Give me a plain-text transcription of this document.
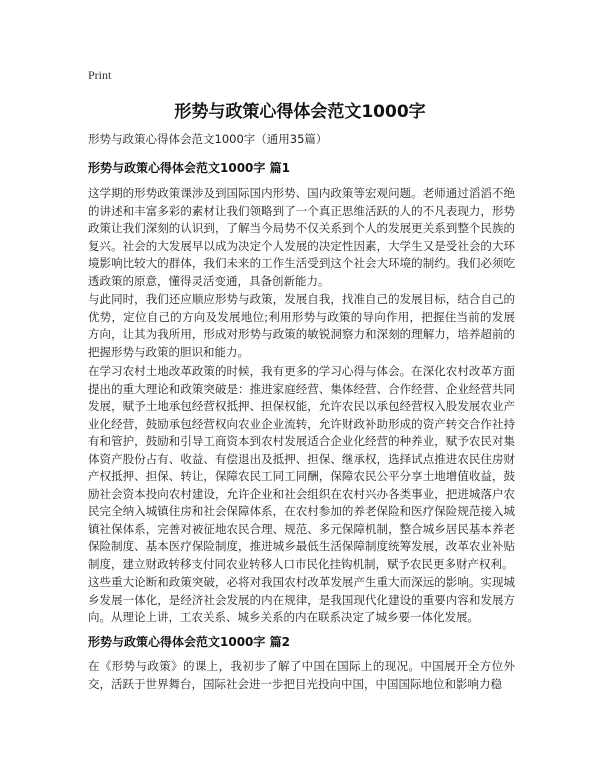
Print
形势与政策心得体会范文1000字
形势与政策心得体会范文1000字（通用35篇）
形势与政策心得体会范文1000字 篇1
这学期的形势政策课涉及到国际国内形势、国内政策等宏观问题。老师通过滔滔不绝的讲述和丰富多彩的素材让我们领略到了一个真正思维活跃的人的不凡表现力，形势政策让我们深刻的认识到，了解当今局势不仅关系到个人的发展更关系到整个民族的复兴。社会的大发展早以成为决定个人发展的决定性因素，大学生又是受社会的大环境影响比较大的群体，我们未来的工作生活受到这个社会大环境的制约。我们必须吃透政策的原意，懂得灵活变通，具备创新能力。
与此同时，我们还应顺应形势与政策，发展自我，找准自己的发展目标，结合自己的优势，定位自己的方向及发展地位;利用形势与政策的导向作用，把握住当前的发展方向，让其为我所用，形成对形势与政策的敏锐洞察力和深刻的理解力，培养超前的把握形势与政策的胆识和能力。
在学习农村土地改革政策的时候，我有更多的学习心得与体会。在深化农村改革方面提出的重大理论和政策突破是：推进家庭经营、集体经营、合作经营、企业经营共同发展，赋予土地承包经营权抵押、担保权能，允许农民以承包经营权入股发展农业产业化经营，鼓励承包经营权向农业企业流转，允许财政补助形成的资产转交合作社持有和管护，鼓励和引导工商资本到农村发展适合企业化经营的种养业，赋予农民对集体资产股份占有、收益、有偿退出及抵押、担保、继承权，选择试点推进农民住房财产权抵押、担保、转让，保障农民工同工同酬，保障农民公平分享土地增值收益，鼓励社会资本投向农村建设，允许企业和社会组织在农村兴办各类事业，把进城落户农民完全纳入城镇住房和社会保障体系，在农村参加的养老保险和医疗保险规范接入城镇社保体系，完善对被征地农民合理、规范、多元保障机制，整合城乡居民基本养老保险制度、基本医疗保险制度，推进城乡最低生活保障制度统筹发展，改革农业补贴制度，建立财政转移支付同农业转移人口市民化挂钩机制，赋予农民更多财产权利。
这些重大论断和政策突破，必将对我国农村改革发展产生重大而深远的影响。实现城乡发展一体化，是经济社会发展的内在规律，是我国现代化建设的重要内容和发展方向。从理论上讲，工农关系、城乡关系的内在联系决定了城乡要一体化发展。
形势与政策心得体会范文1000字 篇2
在《形势与政策》的课上，我初步了解了中国在国际上的现况。中国展开全方位外交，活跃于世界舞台，国际社会进一步把目光投向中国，中国国际地位和影响力稳
